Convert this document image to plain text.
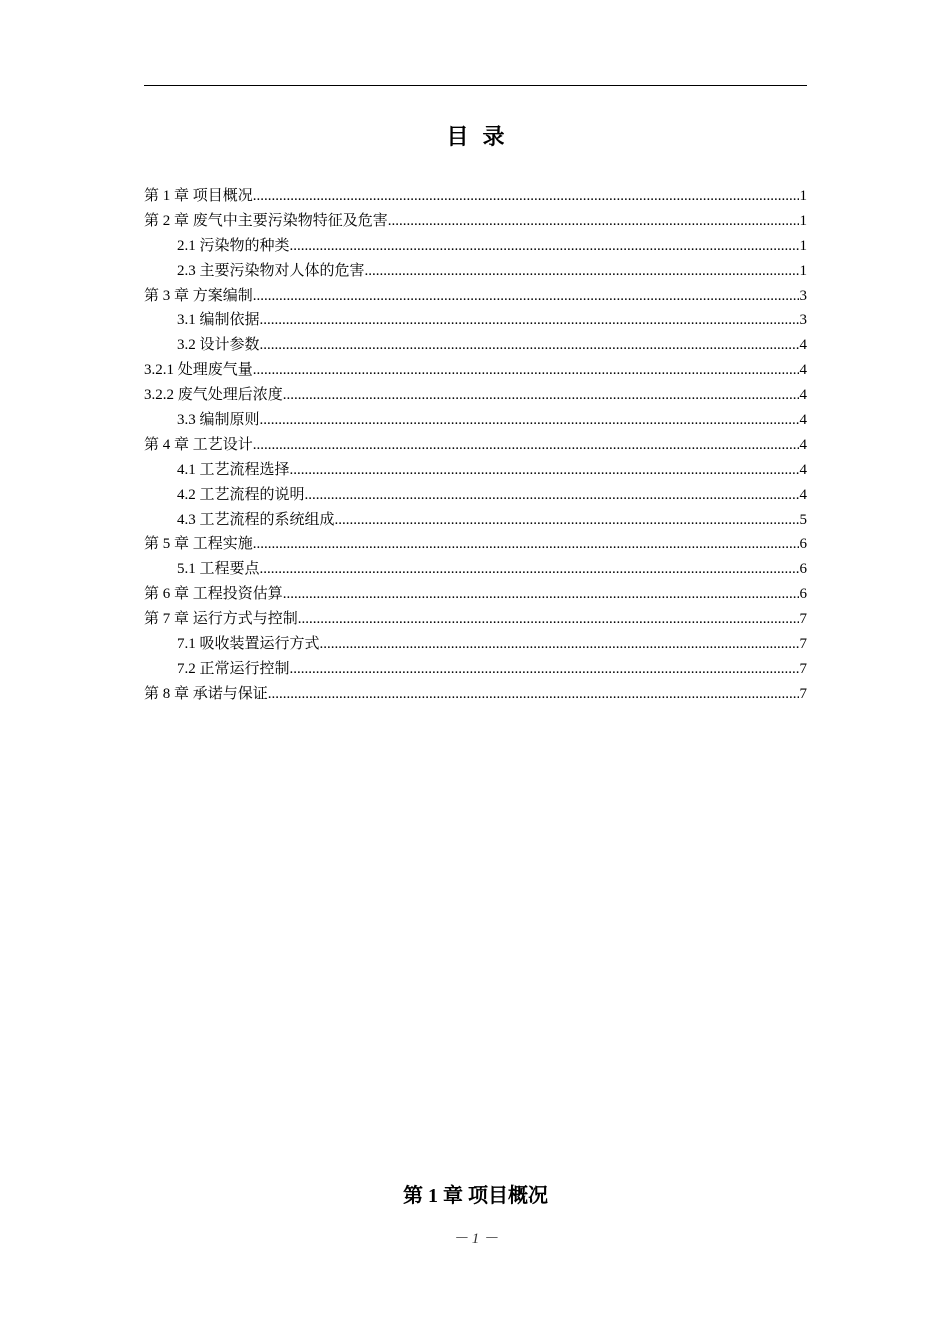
目录
第 1 章 项目概况 .....	1
第 2 章 废气中主要污染物特征及危害 .....	1
2.1 污染物的种类 .....	1
2.3 主要污染物对人体的危害 .....	1
第 3 章 方案编制 .....	3
3.1 编制依据 .....	3
3.2 设计参数 .....	4
3.2.1 处理废气量 .....	4
3.2.2 废气处理后浓度 .....	4
3.3 编制原则 .....	4
第 4 章 工艺设计 .....	4
4.1 工艺流程选择 .....	4
4.2 工艺流程的说明 .....	4
4.3 工艺流程的系统组成 .....	5
第 5 章 工程实施 .....	6
5.1 工程要点 .....	6
第 6 章 工程投资估算 .....	6
第 7 章 运行方式与控制 .....	7
7.1 吸收装置运行方式 .....	7
7.2 正常运行控制 .....	7
第 8 章 承诺与保证 .....	7
第 1 章 项目概况
－ 1 －
